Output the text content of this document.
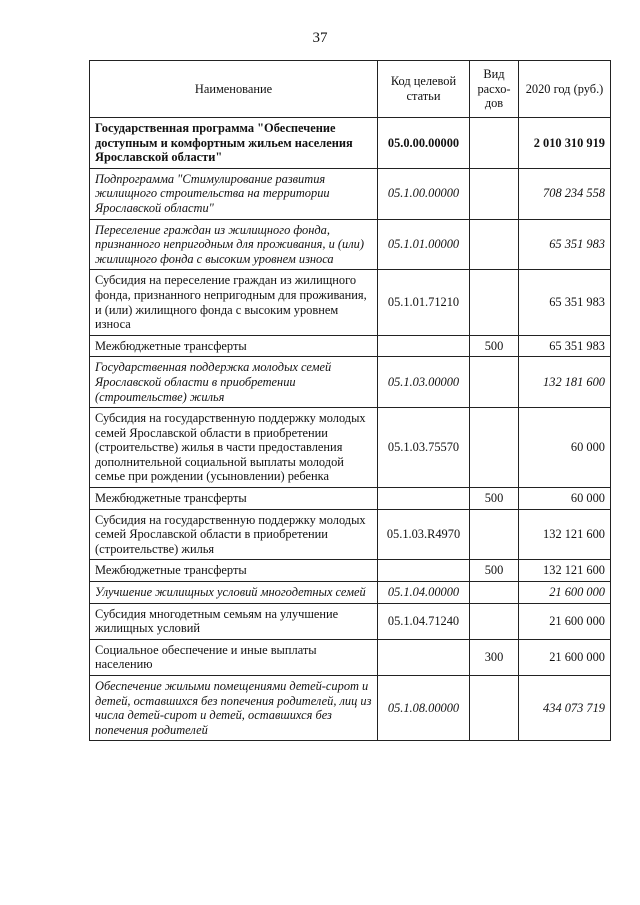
37
Наименование	Код целевой статьи	Вид расхо-дов	2020 год (руб.)
Государственная программа "Обеспечение доступным и комфортным жильем населения Ярославской области"	05.0.00.00000		2 010 310 919
Подпрограмма "Стимулирование развития жилищного строительства на территории Ярославской области"	05.1.00.00000		708 234 558
Переселение граждан из жилищного фонда, признанного непригодным для проживания, и (или) жилищного фонда с высоким уровнем износа	05.1.01.00000		65 351 983
Субсидия на переселение граждан из жилищного фонда, признанного непригодным для проживания, и (или) жилищного фонда с высоким уровнем износа	05.1.01.71210		65 351 983
Межбюджетные трансферты		500	65 351 983
Государственная поддержка молодых семей Ярославской области в приобретении (строительстве) жилья	05.1.03.00000		132 181 600
Субсидия на государственную поддержку молодых семей Ярославской области в приобретении (строительстве) жилья в части предоставления дополнительной социальной выплаты молодой семье при рождении (усыновлении) ребенка	05.1.03.75570		60 000
Межбюджетные трансферты		500	60 000
Субсидия на государственную поддержку молодых семей Ярославской области в приобретении (строительстве) жилья	05.1.03.R4970		132 121 600
Межбюджетные трансферты		500	132 121 600
Улучшение жилищных условий многодетных семей	05.1.04.00000		21 600 000
Субсидия многодетным семьям на улучшение жилищных условий	05.1.04.71240		21 600 000
Социальное обеспечение и иные выплаты населению		300	21 600 000
Обеспечение жилыми помещениями детей-сирот и детей, оставшихся без попечения родителей, лиц из числа детей-сирот и детей, оставшихся без попечения родителей	05.1.08.00000		434 073 719
